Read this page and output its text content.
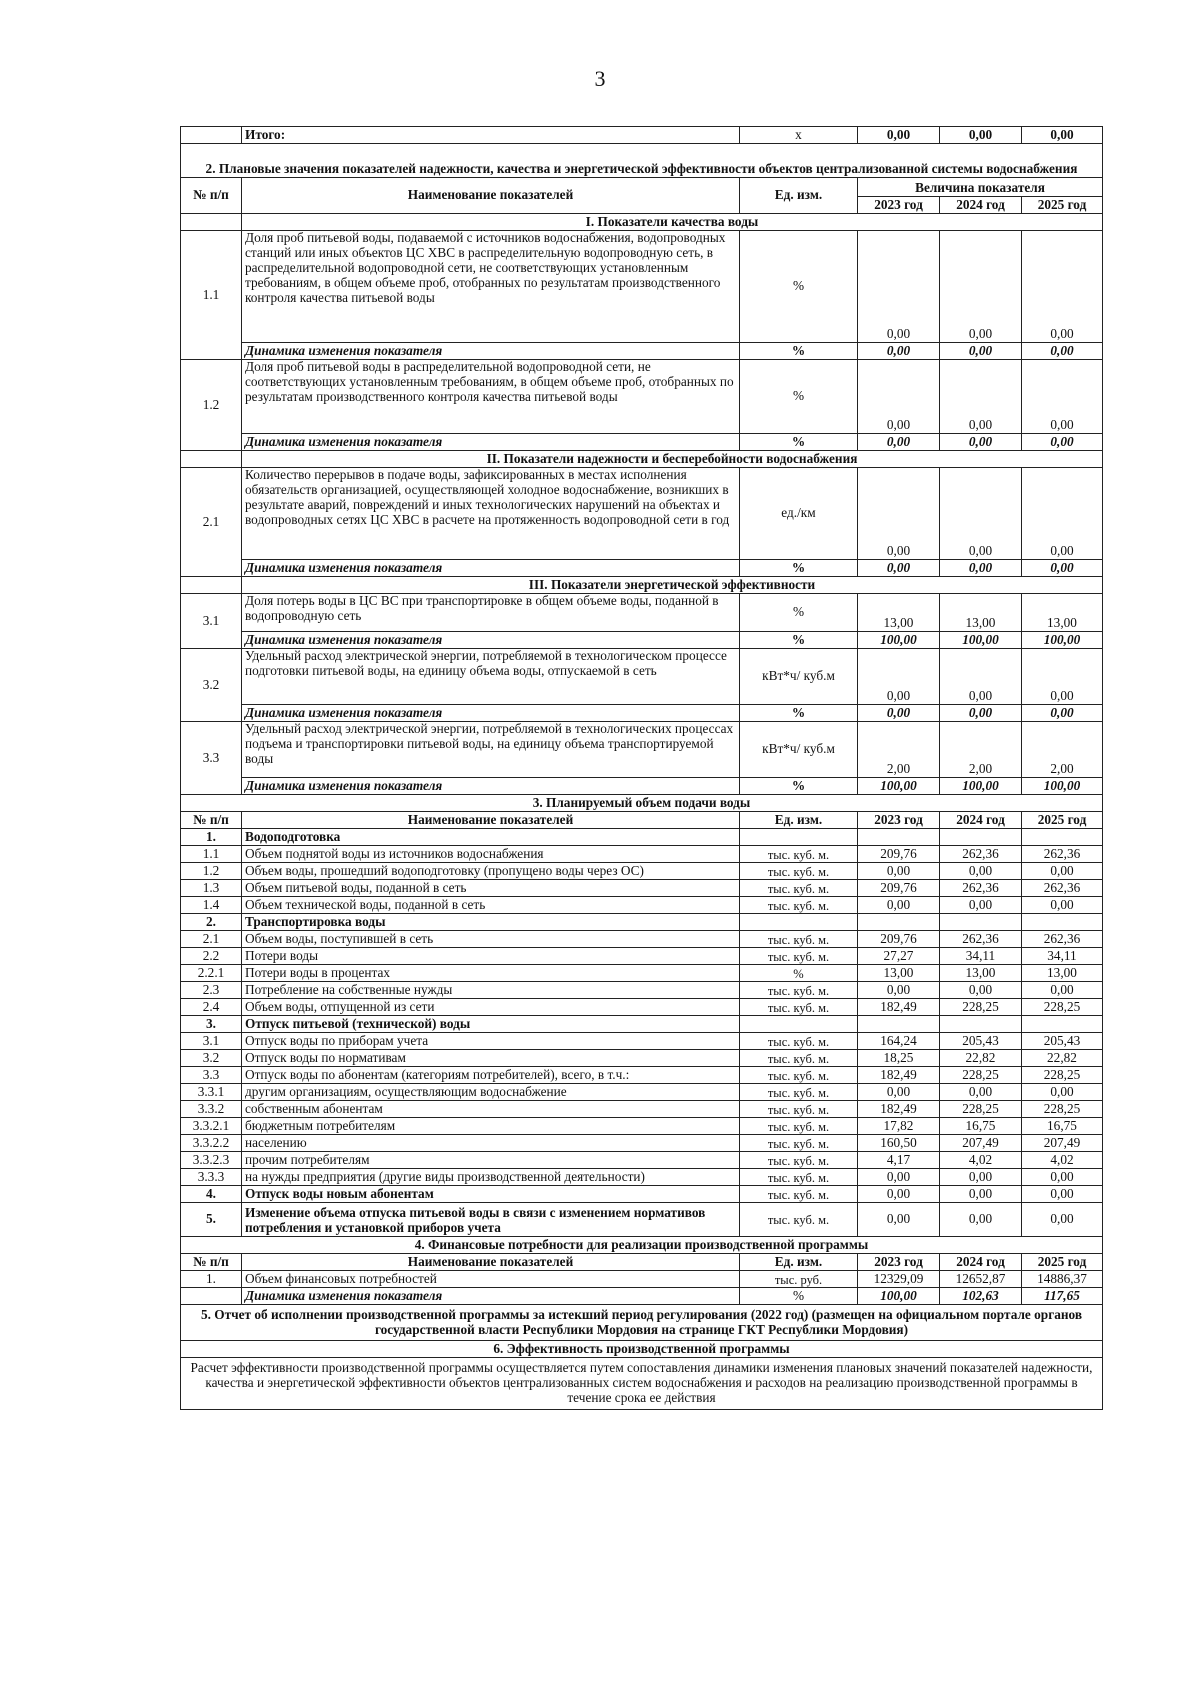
3
	Итого:	х	0,00	0,00	0,00
2. Плановые значения показателей надежности, качества и энергетической эффективности объектов централизованной системы водоснабжения					
№ п/п	Наименование показателей	Ед. изм.	Величина показателя		
			2023 год	2024 год	2025 год
	I. Показатели качества воды				
1.1	Доля проб питьевой воды, подаваемой с источников водоснабжения, водопроводных станций или иных объектов ЦС ХВС в распределительную водопроводную сеть, в распределительной водопроводной сети, не соответствующих установленным требованиям, в общем объеме проб, отобранных по результатам производственного контроля качества питьевой воды	%	0,00	0,00	0,00
	Динамика изменения показателя	%	0,00	0,00	0,00
1.2	Доля проб питьевой воды в распределительной водопроводной сети, не соответствующих установленным требованиям, в общем объеме проб, отобранных по результатам производственного контроля качества питьевой воды	%	0,00	0,00	0,00
	Динамика изменения показателя	%	0,00	0,00	0,00
	II. Показатели надежности и бесперебойности водоснабжения				
2.1	Количество перерывов в подаче воды, зафиксированных в местах исполнения обязательств организацией, осуществляющей холодное водоснабжение, возникших в результате аварий, повреждений и иных технологических нарушений на объектах и водопроводных сетях ЦС ХВС в расчете на протяженность водопроводной сети в год	ед./км	0,00	0,00	0,00
	Динамика изменения показателя	%	0,00	0,00	0,00
	III. Показатели энергетической эффективности				
3.1	Доля потерь воды в ЦС ВС при транспортировке в общем объеме воды, поданной в водопроводную сеть	%	13,00	13,00	13,00
	Динамика изменения показателя	%	100,00	100,00	100,00
3.2	Удельный расход электрической энергии, потребляемой в технологическом процессе подготовки питьевой воды, на единицу объема воды, отпускаемой в сеть	кВт*ч/ куб.м	0,00	0,00	0,00
	Динамика изменения показателя	%	0,00	0,00	0,00
3.3	Удельный расход электрической энергии, потребляемой в технологических процессах подъема и транспортировки питьевой воды, на единицу объема транспортируемой воды	кВт*ч/ куб.м	2,00	2,00	2,00
	Динамика изменения показателя	%	100,00	100,00	100,00
3. Планируемый объем подачи воды					
№ п/п	Наименование показателей	Ед. изм.	2023 год	2024 год	2025 год
1.	Водоподготовка				
1.1	Объем поднятой воды из источников водоснабжения	тыс. куб. м.	209,76	262,36	262,36
1.2	Объем воды, прошедший водоподготовку (пропущено воды через ОС)	тыс. куб. м.	0,00	0,00	0,00
1.3	Объем питьевой воды, поданной в сеть	тыс. куб. м.	209,76	262,36	262,36
1.4	Объем технической воды, поданной в сеть	тыс. куб. м.	0,00	0,00	0,00
2.	Транспортировка воды				
2.1	Объем воды, поступившей в сеть	тыс. куб. м.	209,76	262,36	262,36
2.2	Потери воды	тыс. куб. м.	27,27	34,11	34,11
2.2.1	Потери воды в процентах	%	13,00	13,00	13,00
2.3	Потребление на собственные нужды	тыс. куб. м.	0,00	0,00	0,00
2.4	Объем воды, отпущенной из сети	тыс. куб. м.	182,49	228,25	228,25
3.	Отпуск питьевой (технической) воды				
3.1	Отпуск воды по приборам учета	тыс. куб. м.	164,24	205,43	205,43
3.2	Отпуск воды по нормативам	тыс. куб. м.	18,25	22,82	22,82
3.3	Отпуск воды по абонентам (категориям потребителей), всего, в т.ч.:	тыс. куб. м.	182,49	228,25	228,25
3.3.1	другим организациям, осуществляющим водоснабжение	тыс. куб. м.	0,00	0,00	0,00
3.3.2	собственным абонентам	тыс. куб. м.	182,49	228,25	228,25
3.3.2.1	бюджетным потребителям	тыс. куб. м.	17,82	16,75	16,75
3.3.2.2	населению	тыс. куб. м.	160,50	207,49	207,49
3.3.2.3	прочим потребителям	тыс. куб. м.	4,17	4,02	4,02
3.3.3	на нужды предприятия (другие виды производственной деятельности)	тыс. куб. м.	0,00	0,00	0,00
4.	Отпуск воды новым абонентам	тыс. куб. м.	0,00	0,00	0,00
5.	Изменение объема отпуска питьевой воды в связи с изменением нормативов потребления и установкой приборов учета	тыс. куб. м.	0,00	0,00	0,00
4. Финансовые потребности для реализации производственной программы					
№ п/п	Наименование показателей	Ед. изм.	2023 год	2024 год	2025 год
1.	Объем финансовых потребностей	тыс. руб.	12329,09	12652,87	14886,37
	Динамика изменения показателя	%	100,00	102,63	117,65
5. Отчет об исполнении производственной программы за истекший период регулирования (2022 год) (размещен на официальном портале органов государственной власти Республики Мордовия на странице ГКТ Республики Мордовия)					
6. Эффективность производственной программы					
Расчет эффективности производственной программы осуществляется путем сопоставления динамики изменения плановых значений показателей надежности, качества и энергетической эффективности объектов централизованных систем водоснабжения и расходов на реализацию производственной программы в течение срока ее действия					
